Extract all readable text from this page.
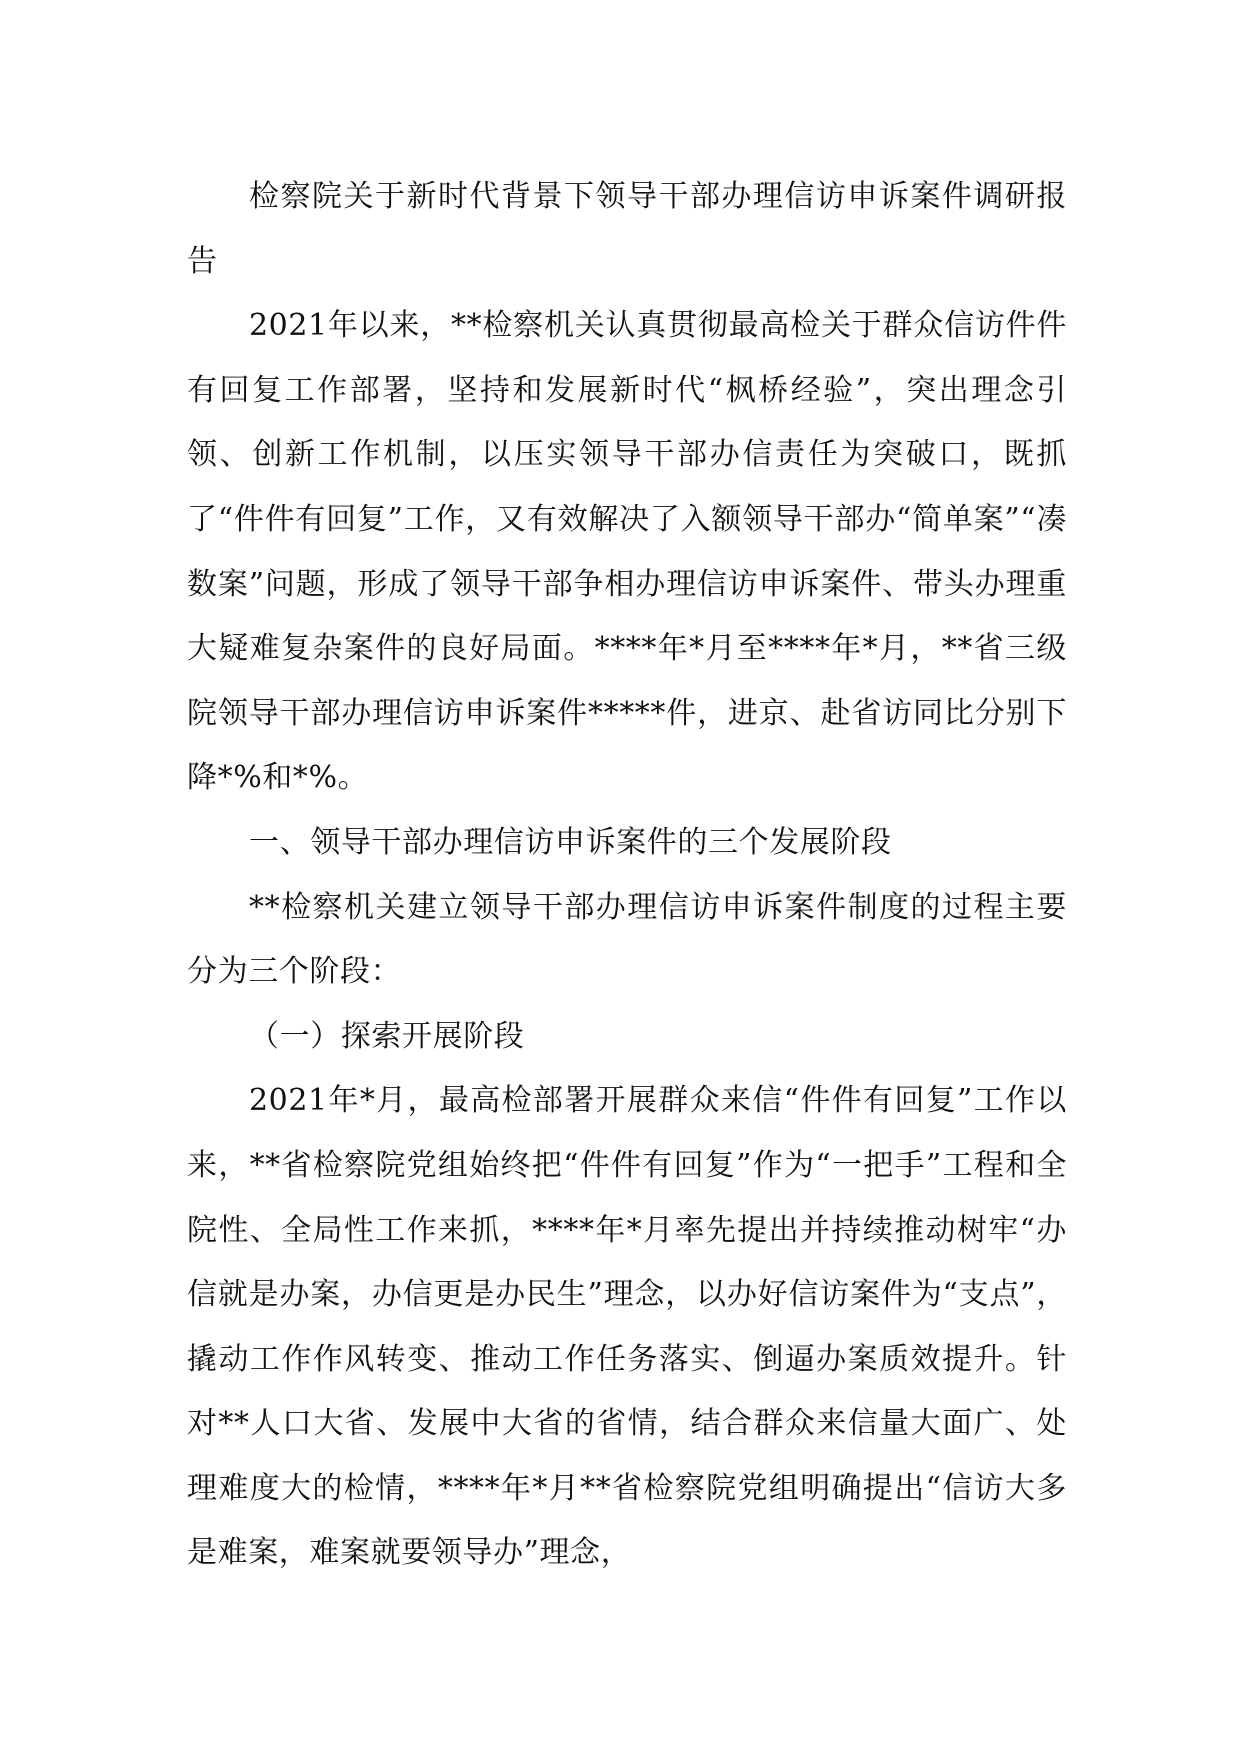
检察院关于新时代背景下领导干部办理信访申诉案件调研报告

2021年以来，**检察机关认真贯彻最高检关于群众信访件件有回复工作部署，坚持和发展新时代“枫桥经验”，突出理念引领、创新工作机制，以压实领导干部办信责任为突破口，既抓了“件件有回复”工作，又有效解决了入额领导干部办“简单案”“凑数案”问题，形成了领导干部争相办理信访申诉案件、带头办理重大疑难复杂案件的良好局面。****年*月至****年*月，**省三级院领导干部办理信访申诉案件*****件，进京、赴省访同比分别下降*%和*%。

一、领导干部办理信访申诉案件的三个发展阶段

**检察机关建立领导干部办理信访申诉案件制度的过程主要分为三个阶段：

（一）探索开展阶段

2021年*月，最高检部署开展群众来信“件件有回复”工作以来，**省检察院党组始终把“件件有回复”作为“一把手”工程和全院性、全局性工作来抓，****年*月率先提出并持续推动树牢“办信就是办案，办信更是办民生”理念，以办好信访案件为“支点”，撬动工作作风转变、推动工作任务落实、倒逼办案质效提升。针对**人口大省、发展中大省的省情，结合群众来信量大面广、处理难度大的检情，****年*月**省检察院党组明确提出“信访大多是难案，难案就要领导办”理念，
